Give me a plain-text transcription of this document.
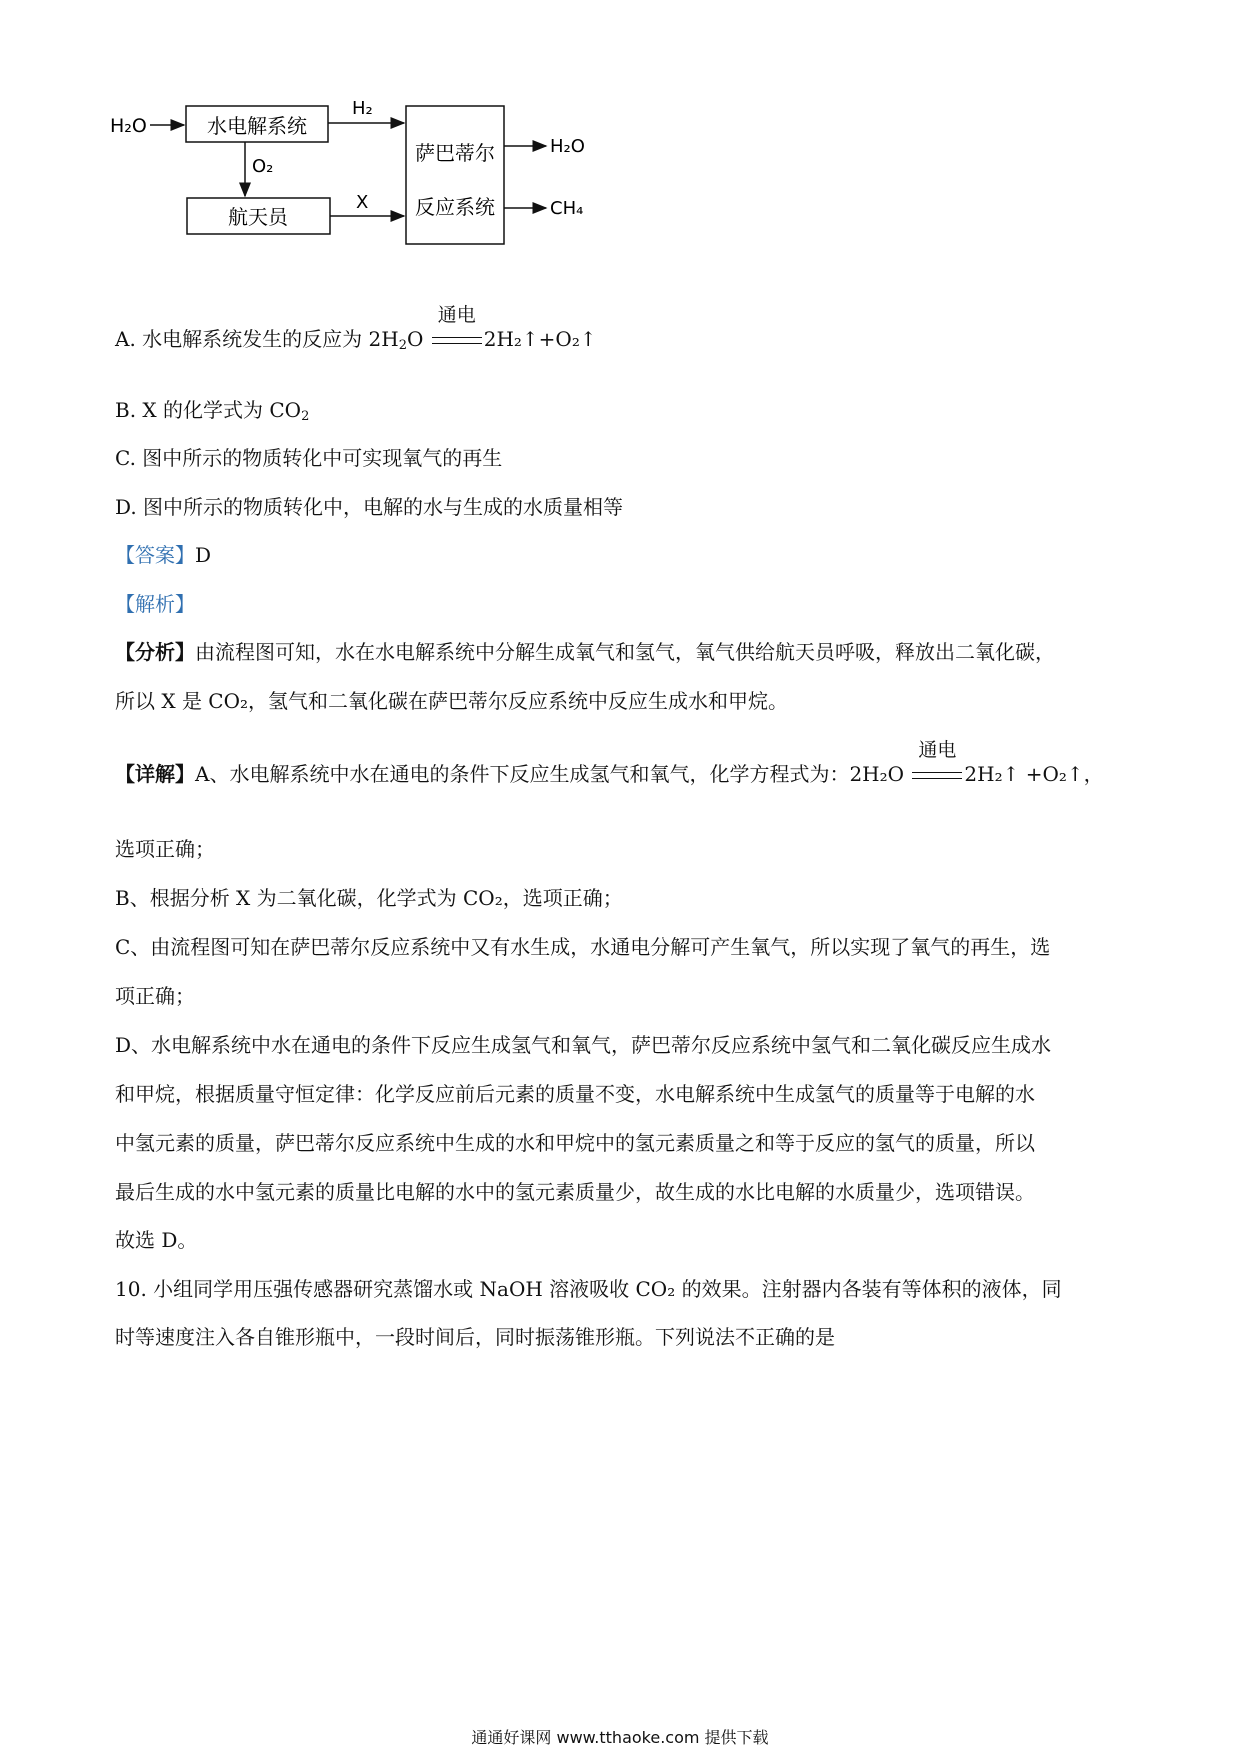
H₂O	水电解系统
H₂
O₂
航天员
X
萨巴蒂尔
反应系统
H₂O
CH₄
A. 水电解系统发生的反应为 $2H_2O$
通电
2H₂↑+O₂↑
B. X 的化学式为 $CO_2$
C. 图中所示的物质转化中可实现氧气的再生
D. 图中所示的物质转化中，电解的水与生成的水质量相等
【答案】D
【解析】
【分析】由流程图可知，水在水电解系统中分解生成氧气和氢气，氧气供给航天员呼吸，释放出二氧化碳，
所以 X 是 CO₂，氢气和二氧化碳在萨巴蒂尔反应系统中反应生成水和甲烷。
【详解】A、水电解系统中水在通电的条件下反应生成氢气和氧气，化学方程式为：2H₂O
通电
2H₂↑ +O₂↑，
选项正确；
B、根据分析 X 为二氧化碳，化学式为 CO₂，选项正确；
C、由流程图可知在萨巴蒂尔反应系统中又有水生成，水通电分解可产生氧气，所以实现了氧气的再生，选
项正确；
D、水电解系统中水在通电的条件下反应生成氢气和氧气，萨巴蒂尔反应系统中氢气和二氧化碳反应生成水
和甲烷，根据质量守恒定律：化学反应前后元素的质量不变，水电解系统中生成氢气的质量等于电解的水
中氢元素的质量，萨巴蒂尔反应系统中生成的水和甲烷中的氢元素质量之和等于反应的氢气的质量，所以
最后生成的水中氢元素的质量比电解的水中的氢元素质量少，故生成的水比电解的水质量少，选项错误。
故选 D。
10. 小组同学用压强传感器研究蒸馏水或 NaOH 溶液吸收 CO₂ 的效果。注射器内各装有等体积的液体，同
时等速度注入各自锥形瓶中，一段时间后，同时振荡锥形瓶。下列说法不正确的是
通通好课网 www.tthaoke.com 提供下载
